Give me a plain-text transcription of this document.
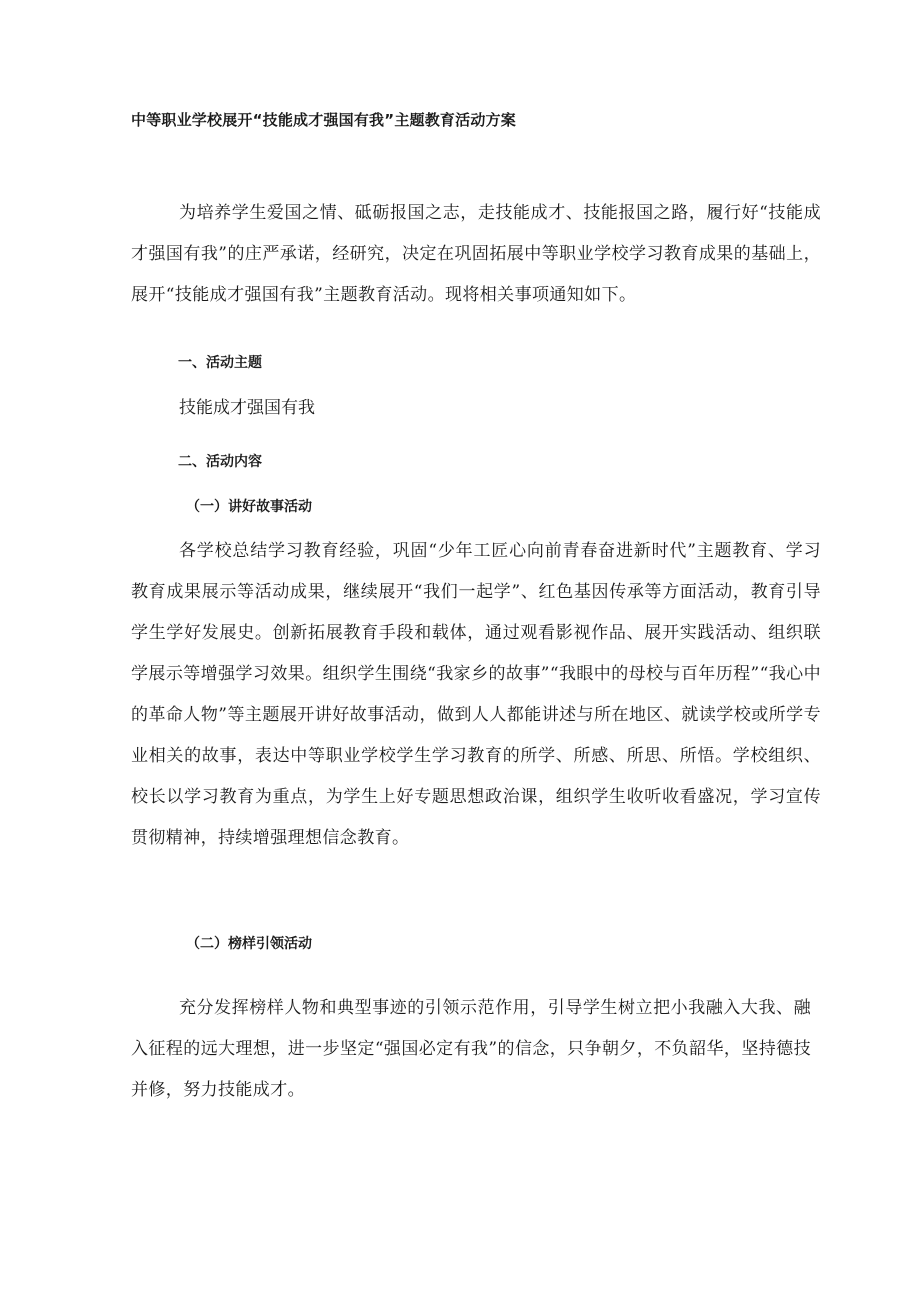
中等职业学校展开“技能成才强国有我”主题教育活动方案
为培养学生爱国之情、砥砺报国之志，走技能成才、技能报国之路，履行好“技能成才强国有我”的庄严承诺，经研究，决定在巩固拓展中等职业学校学习教育成果的基础上，展开“技能成才强国有我”主题教育活动。现将相关事项通知如下。
一、活动主题
技能成才强国有我
二、活动内容
（一）讲好故事活动
各学校总结学习教育经验，巩固“少年工匠心向前青春奋进新时代”主题教育、学习教育成果展示等活动成果，继续展开“我们一起学”、红色基因传承等方面活动，教育引导学生学好发展史。创新拓展教育手段和载体，通过观看影视作品、展开实践活动、组织联学展示等增强学习效果。组织学生围绕“我家乡的故事”“我眼中的母校与百年历程”“我心中的革命人物”等主题展开讲好故事活动，做到人人都能讲述与所在地区、就读学校或所学专业相关的故事，表达中等职业学校学生学习教育的所学、所感、所思、所悟。学校组织、校长以学习教育为重点，为学生上好专题思想政治课，组织学生收听收看盛况，学习宣传贯彻精神，持续增强理想信念教育。
（二）榜样引领活动
充分发挥榜样人物和典型事迹的引领示范作用，引导学生树立把小我融入大我、融入征程的远大理想，进一步坚定“强国必定有我”的信念，只争朝夕，不负韶华，坚持德技并修，努力技能成才。
